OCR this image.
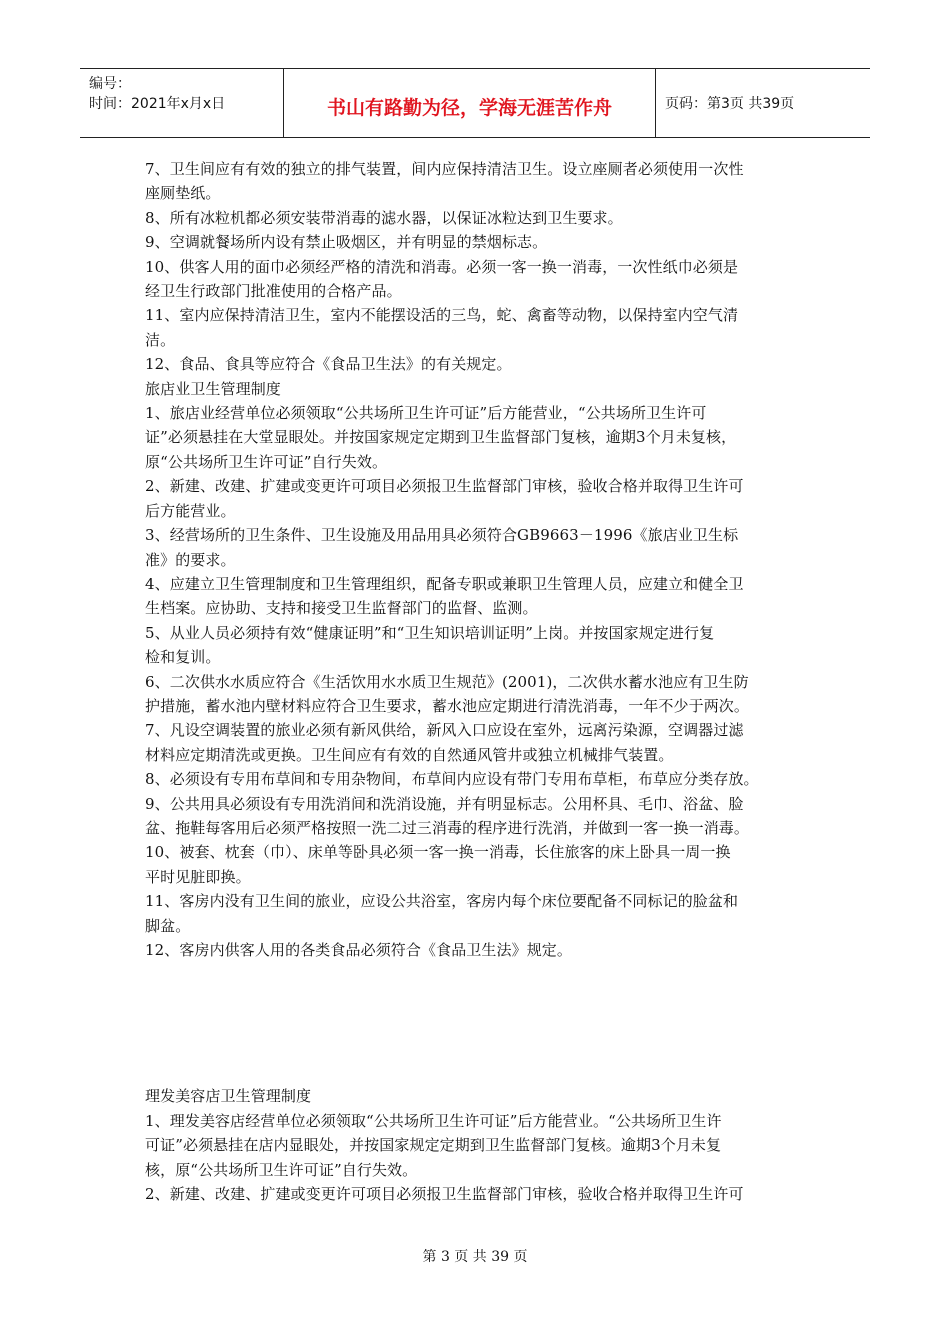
编号：
时间：2021年x月x日	书山有路勤为径，学海无涯苦作舟	页码：第3页 共39页
7、卫生间应有有效的独立的排气装置，间内应保持清洁卫生。设立座厕者必须使用一次性
座厕垫纸。
8、所有冰粒机都必须安装带消毒的滤水器，以保证冰粒达到卫生要求。
9、空调就餐场所内设有禁止吸烟区，并有明显的禁烟标志。
10、供客人用的面巾必须经严格的清洗和消毒。必须一客一换一消毒，一次性纸巾必须是
经卫生行政部门批准使用的合格产品。
11、室内应保持清洁卫生，室内不能摆设活的三鸟，蛇、禽畜等动物，以保持室内空气清
洁。
12、食品、食具等应符合《食品卫生法》的有关规定。
旅店业卫生管理制度
1、旅店业经营单位必须领取“公共场所卫生许可证”后方能营业，“公共场所卫生许可
证”必须悬挂在大堂显眼处。并按国家规定定期到卫生监督部门复核，逾期3个月未复核，
原“公共场所卫生许可证”自行失效。
2、新建、改建、扩建或变更许可项目必须报卫生监督部门审核，验收合格并取得卫生许可
后方能营业。
3、经营场所的卫生条件、卫生设施及用品用具必须符合GB9663－1996《旅店业卫生标
准》的要求。
4、应建立卫生管理制度和卫生管理组织，配备专职或兼职卫生管理人员，应建立和健全卫
生档案。应协助、支持和接受卫生监督部门的监督、监测。
5、从业人员必须持有效“健康证明”和“卫生知识培训证明”上岗。并按国家规定进行复
检和复训。
6、二次供水水质应符合《生活饮用水水质卫生规范》(2001)，二次供水蓄水池应有卫生防
护措施，蓄水池内壁材料应符合卫生要求，蓄水池应定期进行清洗消毒，一年不少于两次。
7、凡设空调装置的旅业必须有新风供给，新风入口应设在室外，远离污染源，空调器过滤
材料应定期清洗或更换。卫生间应有有效的自然通风管井或独立机械排气装置。
8、必须设有专用布草间和专用杂物间，布草间内应设有带门专用布草柜，布草应分类存放。
9、公共用具必须设有专用洗消间和洗消设施，并有明显标志。公用杯具、毛巾、浴盆、脸
盆、拖鞋每客用后必须严格按照一洗二过三消毒的程序进行洗消，并做到一客一换一消毒。
10、被套、枕套（巾）、床单等卧具必须一客一换一消毒，长住旅客的床上卧具一周一换
平时见脏即换。
11、客房内没有卫生间的旅业，应设公共浴室，客房内每个床位要配备不同标记的脸盆和
脚盆。
12、客房内供客人用的各类食品必须符合《食品卫生法》规定。
理发美容店卫生管理制度
1、理发美容店经营单位必须领取“公共场所卫生许可证”后方能营业。“公共场所卫生许
可证”必须悬挂在店内显眼处，并按国家规定定期到卫生监督部门复核。逾期3个月未复
核，原“公共场所卫生许可证”自行失效。
2、新建、改建、扩建或变更许可项目必须报卫生监督部门审核，验收合格并取得卫生许可
第 3 页 共 39 页
